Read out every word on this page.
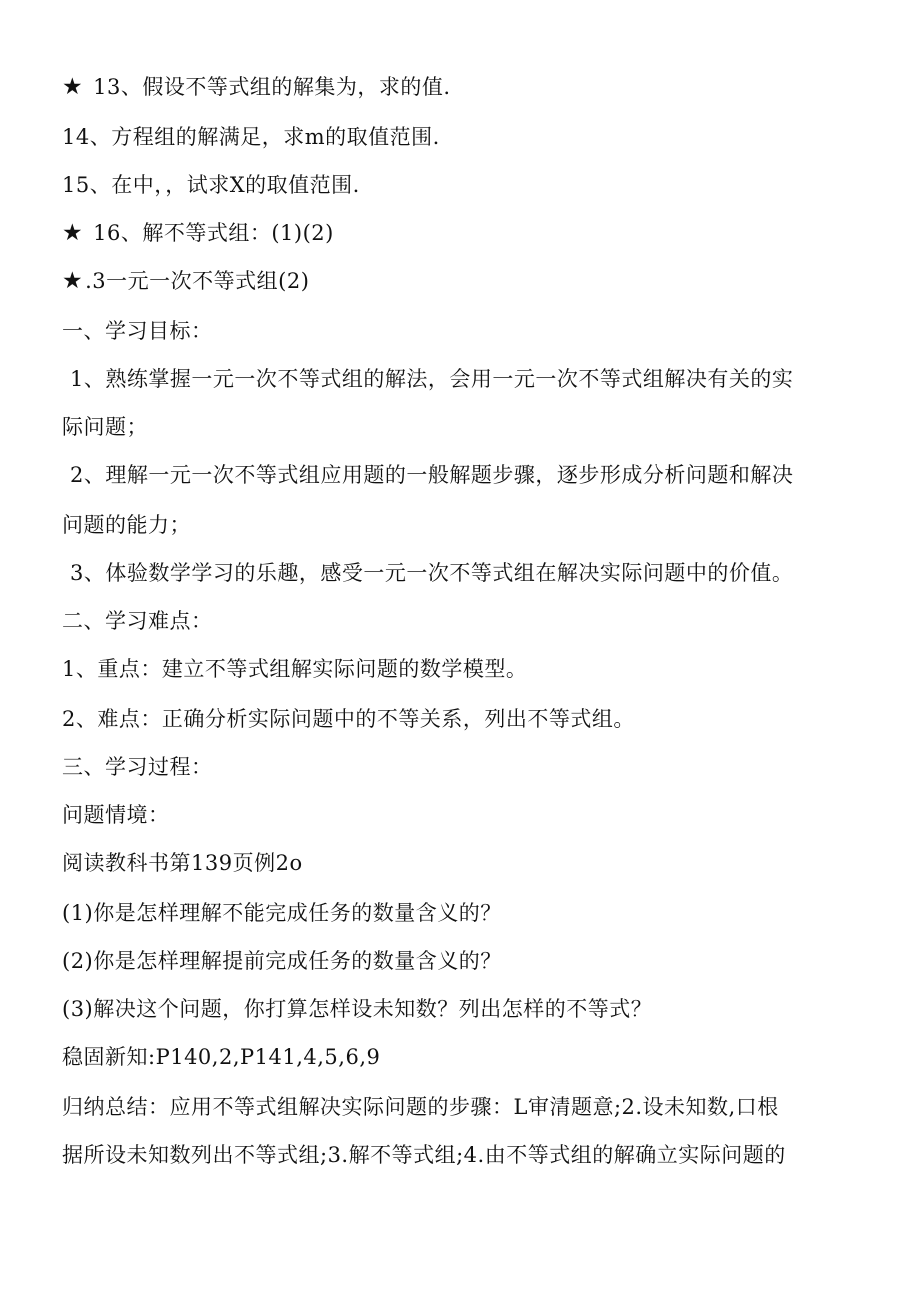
★ 13、假设不等式组的解集为，求的值.
14、方程组的解满足，求m的取值范围.
15、在中，，试求X的取值范围.
★ 16、解不等式组：(1)(2)
★.3一元一次不等式组(2)
一、学习目标：
1、熟练掌握一元一次不等式组的解法，会用一元一次不等式组解决有关的实
际问题；
2、理解一元一次不等式组应用题的一般解题步骤，逐步形成分析问题和解决
问题的能力；
3、体验数学学习的乐趣，感受一元一次不等式组在解决实际问题中的价值。
二、学习难点：
1、重点：建立不等式组解实际问题的数学模型。
2、难点：正确分析实际问题中的不等关系，列出不等式组。
三、学习过程：
问题情境：
阅读教科书第139页例2o
(1)你是怎样理解不能完成任务的数量含义的？
(2)你是怎样理解提前完成任务的数量含义的？
(3)解决这个问题，你打算怎样设未知数？列出怎样的不等式？
稳固新知:P140,2,P141,4,5,6,9
归纳总结：应用不等式组解决实际问题的步骤：L审清题意;2.设未知数,口根
据所设未知数列出不等式组;3.解不等式组;4.由不等式组的解确立实际问题的
